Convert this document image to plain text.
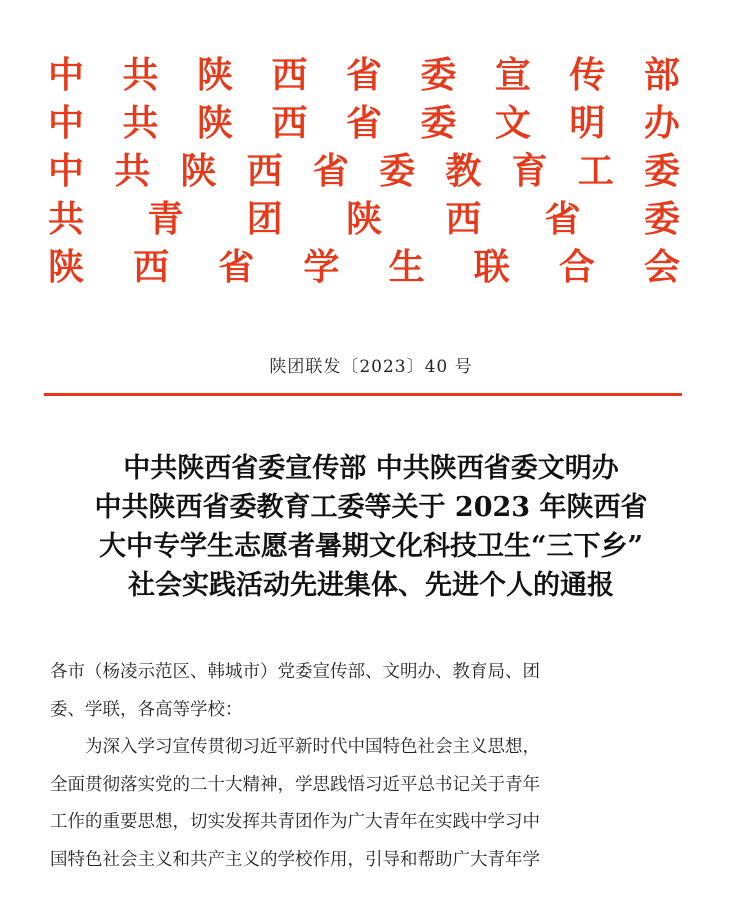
中 共 陕 西 省 委 宣 传 部
中 共 陕 西 省 委 文 明 办
中 共 陕 西 省 委 教 育 工 委
共 青 团 陕 西 省 委
陕 西 省 学 生 联 合 会
陕团联发〔2023〕40 号
中共陕西省委宣传部 中共陕西省委文明办
中共陕西省委教育工委等关于 2023 年陕西省
大中专学生志愿者暑期文化科技卫生“三下乡”
社会实践活动先进集体、先进个人的通报
各市（杨凌示范区、韩城市）党委宣传部、文明办、教育局、团
委、学联，各高等学校：
为深入学习宣传贯彻习近平新时代中国特色社会主义思想，
全面贯彻落实党的二十大精神，学思践悟习近平总书记关于青年
工作的重要思想，切实发挥共青团作为广大青年在实践中学习中
国特色社会主义和共产主义的学校作用，引导和帮助广大青年学
